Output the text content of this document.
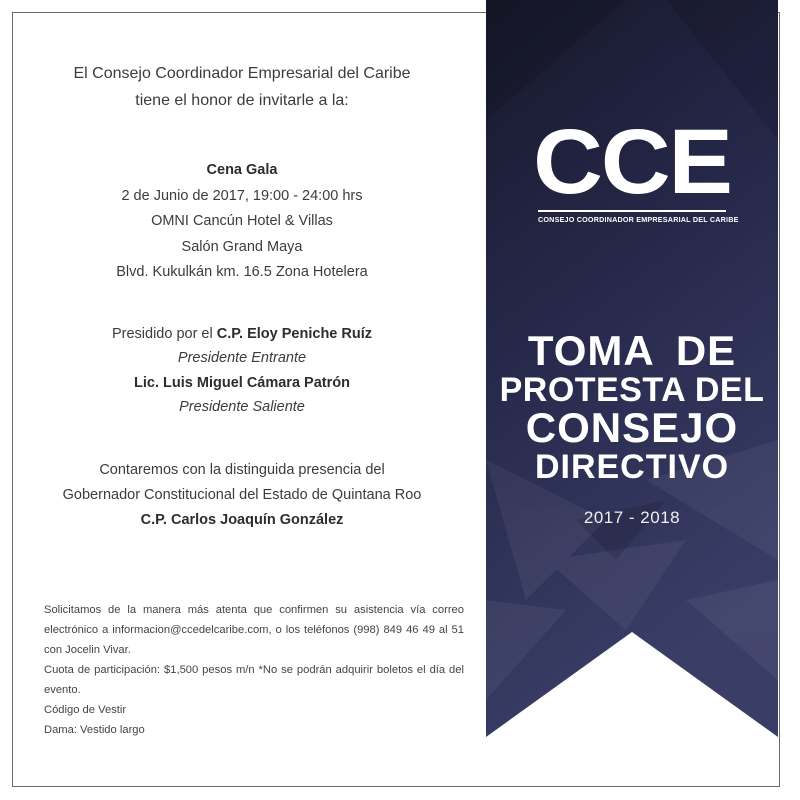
El Consejo Coordinador Empresarial del Caribe
tiene el honor de invitarle a la:
Cena Gala
2 de Junio de 2017, 19:00 - 24:00 hrs
OMNI Cancún Hotel & Villas
Salón Grand Maya
Blvd. Kukulkán km. 16.5 Zona Hotelera
Presidido por el C.P. Eloy Peniche Ruíz
Presidente Entrante
Lic. Luis Miguel Cámara Patrón
Presidente Saliente
Contaremos con la distinguida presencia del
Gobernador Constitucional del Estado de Quintana Roo
C.P. Carlos Joaquín González

Solicitamos de la manera más atenta que confirmen su asistencia vía correo electrónico a informacion@ccedelcaribe.com, o los teléfonos (998) 849 46 49 al 51 con Jocelin Vivar.

Cuota de participación: $1,500 pesos m/n *No se podrán adquirir boletos el día del evento.

Código de Vestir

Dama: Vestido largo

CCE
CONSEJO COORDINADOR EMPRESARIAL DEL CARIBE
TOMA DE
PROTESTA DEL
CONSEJO
DIRECTIVO
2017 - 2018
